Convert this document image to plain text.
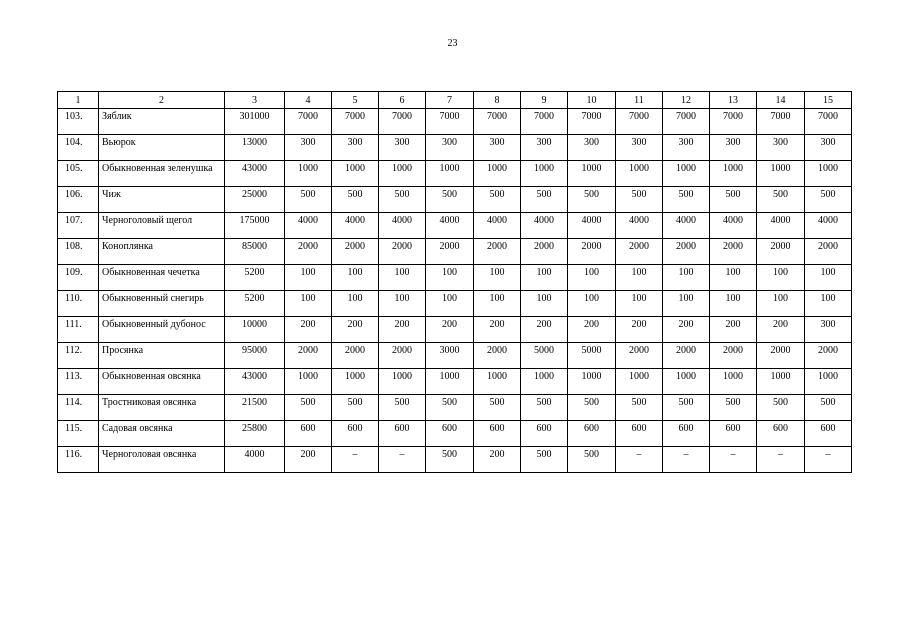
23
1	2	3	4	5	6	7	8	9	10	11	12	13	14	15
103.	Зяблик	301000	7000	7000	7000	7000	7000	7000	7000	7000	7000	7000	7000	7000
104.	Вьюрок	13000	300	300	300	300	300	300	300	300	300	300	300	300
105.	Обыкновенная зеленушка	43000	1000	1000	1000	1000	1000	1000	1000	1000	1000	1000	1000	1000
106.	Чиж	25000	500	500	500	500	500	500	500	500	500	500	500	500
107.	Черноголовый щегол	175000	4000	4000	4000	4000	4000	4000	4000	4000	4000	4000	4000	4000
108.	Коноплянка	85000	2000	2000	2000	2000	2000	2000	2000	2000	2000	2000	2000	2000
109.	Обыкновенная чечетка	5200	100	100	100	100	100	100	100	100	100	100	100	100
110.	Обыкновенный снегирь	5200	100	100	100	100	100	100	100	100	100	100	100	100
111.	Обыкновенный дубонос	10000	200	200	200	200	200	200	200	200	200	200	200	300
112.	Просянка	95000	2000	2000	2000	3000	2000	5000	5000	2000	2000	2000	2000	2000
113.	Обыкновенная овсянка	43000	1000	1000	1000	1000	1000	1000	1000	1000	1000	1000	1000	1000
114.	Тростниковая овсянка	21500	500	500	500	500	500	500	500	500	500	500	500	500
115.	Садовая овсянка	25800	600	600	600	600	600	600	600	600	600	600	600	600
116.	Черноголовая овсянка	4000	200	–	–	500	200	500	500	–	–	–	–	–
